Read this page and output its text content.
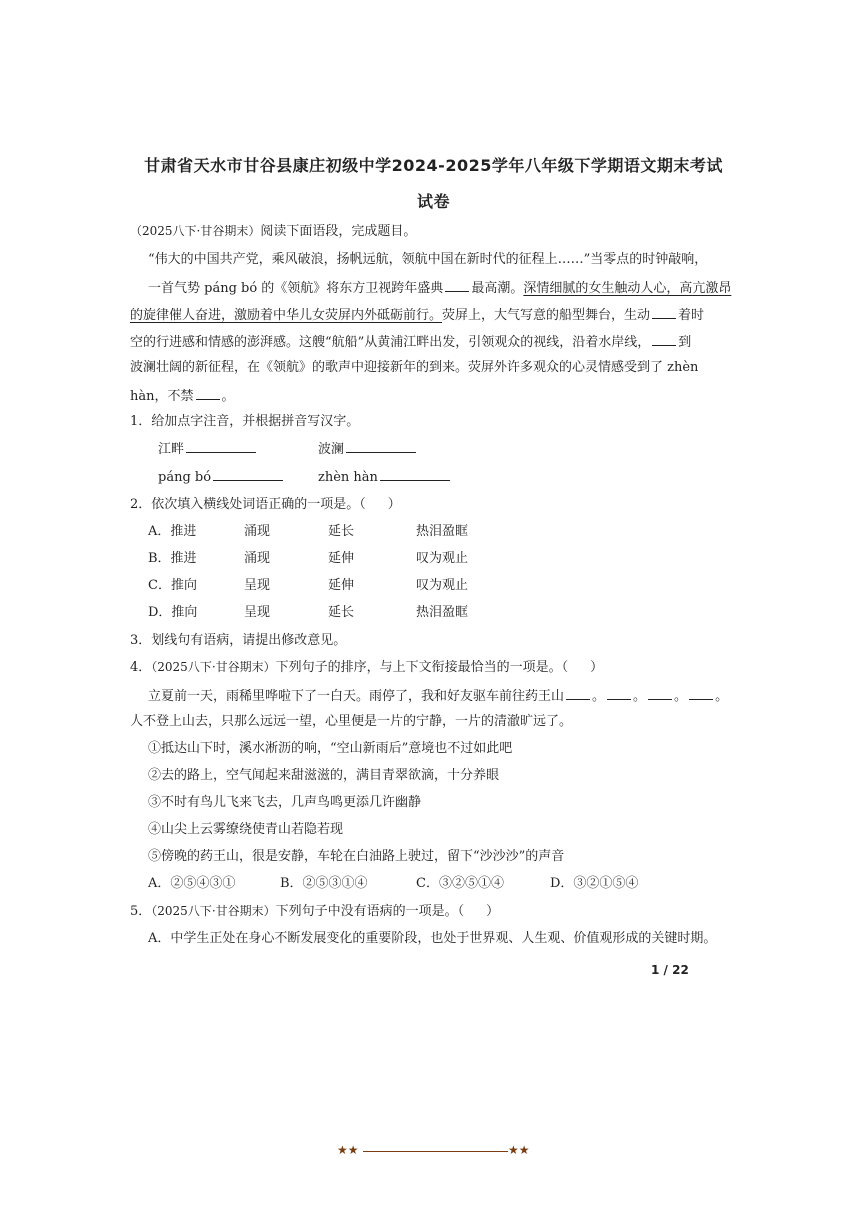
甘肃省天水市甘谷县康庄初级中学2024-2025学年八年级下学期语文期末考试
试卷
（2025八下·甘谷期末）阅读下面语段，完成题目。
“伟大的中国共产党，乘风破浪，扬帆远航，领航中国在新时代的征程上……”当零点的时钟敲响，
一首气势 páng bó 的《领航》将东方卫视跨年盛典 最高潮。深情细腻的女生触动人心，高亢激昂
的旋律催人奋进，激励着中华儿女荧屏内外砥砺前行。荧屏上，大气写意的船型舞台，生动 着时
空的行进感和情感的澎湃感。这艘“航船”从黄浦江畔出发，引领观众的视线，沿着水岸线， 到
波澜壮阔的新征程，在《领航》的歌声中迎接新年的到来。荧屏外许多观众的心灵情感受到了 zhèn
hàn，不禁 。
1．给加点字注音，并根据拼音写汉字。
江畔	波澜
páng bó	zhèn hàn
2．依次填入横线处词语正确的一项是。（ ）
A．推进	涌现	延长	热泪盈眶
B．推进	涌现	延伸	叹为观止
C．推向	呈现	延伸	叹为观止
D．推向	呈现	延长	热泪盈眶
3．划线句有语病，请提出修改意见。
4．（2025八下·甘谷期末）下列句子的排序，与上下文衔接最恰当的一项是。（ ）
立夏前一天，雨稀里哗啦下了一白天。雨停了，我和好友驱车前往药王山 。 。 。 。
人不登上山去，只那么远远一望，心里便是一片的宁静，一片的清澈旷远了。
①抵达山下时，溪水淅沥的响，“空山新雨后”意境也不过如此吧
②去的路上，空气闻起来甜滋滋的，满目青翠欲滴，十分养眼
③不时有鸟儿飞来飞去，几声鸟鸣更添几许幽静
④山尖上云雾缭绕使青山若隐若现
⑤傍晚的药王山，很是安静，车轮在白油路上驶过，留下“沙沙沙”的声音
A．②⑤④③①	B．②⑤③①④	C．③②⑤①④	D．③②①⑤④
5．（2025八下·甘谷期末）下列句子中没有语病的一项是。（ ）
A．中学生正处在身心不断发展变化的重要阶段，也处于世界观、人生观、价值观形成的关键时期。
1 / 22
★★	★★
